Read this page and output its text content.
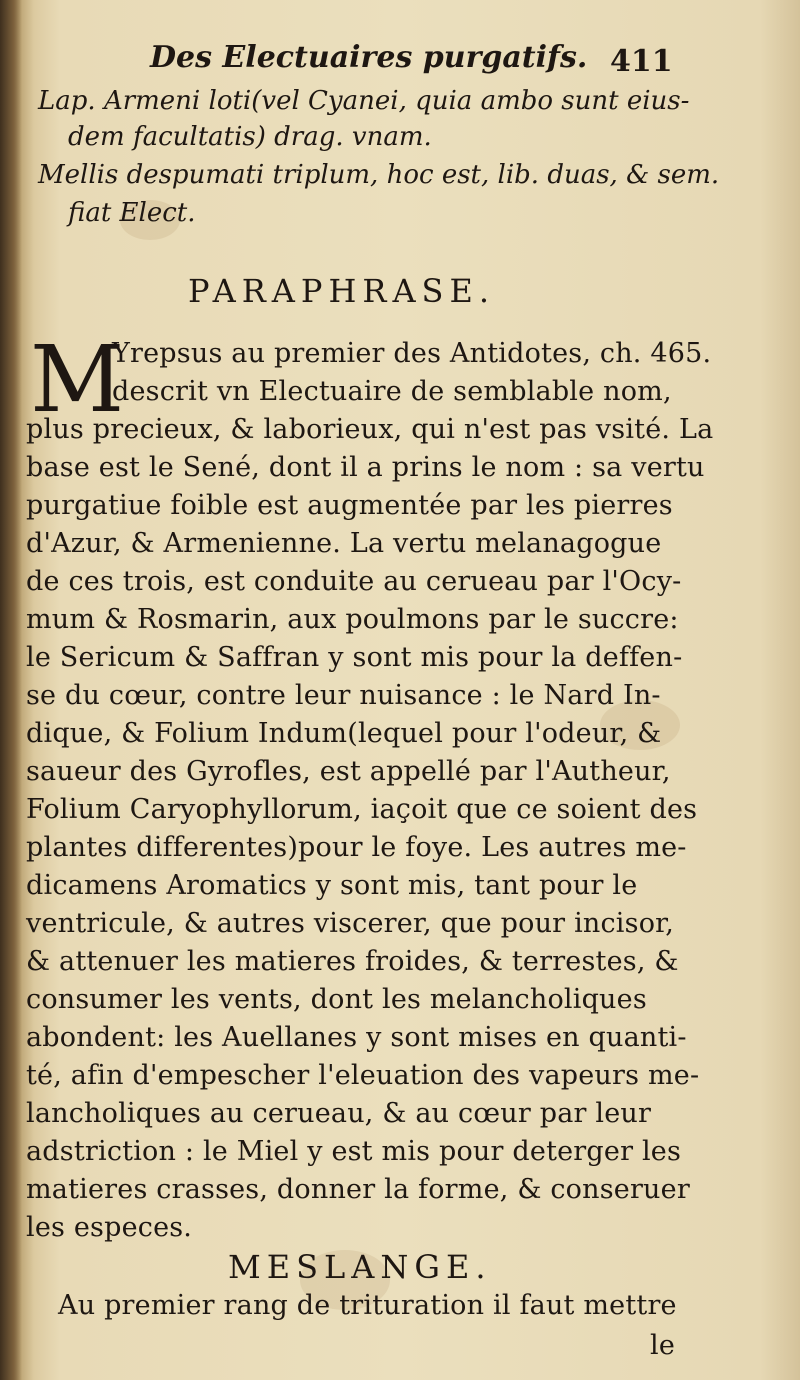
Des Electuaires purgatifs. 411
Lap. Armeni loti(vel Cyanei, quia ambo sunt eius-
dem facultatis) drag. vnam.
Mellis despumati triplum, hoc est, lib. duas, & sem.
fiat Elect.
PARAPHRASE.
M
Yrepsus au premier des Antidotes, ch. 465.
descrit vn Electuaire de semblable nom,
plus precieux, & laborieux, qui n'est pas vsité. La
base est le Sené, dont il a prins le nom : sa vertu
purgatiue foible est augmentée par les pierres
d'Azur, & Armenienne. La vertu melanagogue
de ces trois, est conduite au cerueau par l'Ocy-
mum & Rosmarin, aux poulmons par le succre:
le Sericum & Saffran y sont mis pour la deffen-
se du cœur, contre leur nuisance : le Nard In-
dique, & Folium Indum(lequel pour l'odeur, &
saueur des Gyrofles, est appellé par l'Autheur,
Folium Caryophyllorum, iaçoit que ce soient des
plantes differentes)pour le foye. Les autres me-
dicamens Aromatics y sont mis, tant pour le
ventricule, & autres viscerer, que pour incisor,
& attenuer les matieres froides, & terrestes, &
consumer les vents, dont les melancholiques
abondent: les Auellanes y sont mises en quanti-
té, afin d'empescher l'eleuation des vapeurs me-
lancholiques au cerueau, & au cœur par leur
adstriction : le Miel y est mis pour deterger les
matieres crasses, donner la forme, & conseruer
les especes.
MESLANGE.
Au premier rang de trituration il faut mettre
le
